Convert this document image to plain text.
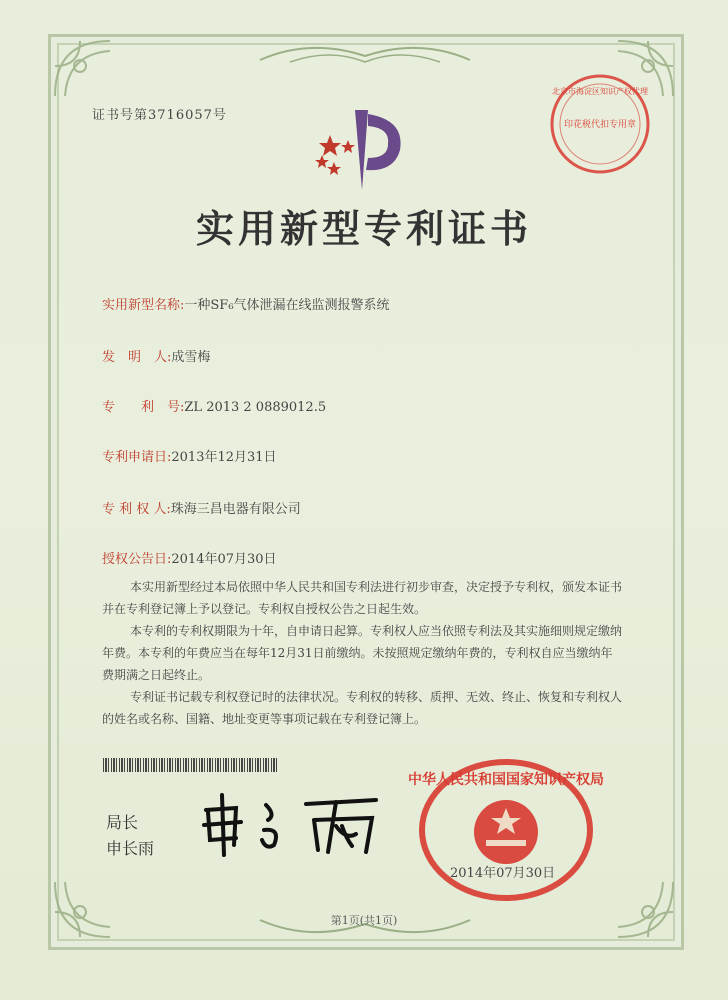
证书号第3716057号
北京市海淀区知识产权代理
印花税代扣专用章
实用新型专利证书
实用新型名称:一种SF₆气体泄漏在线监测报警系统
发　明　人:成雪梅
专　　利　号:ZL 2013 2 0889012.5
专利申请日:2013年12月31日
专 利 权 人:珠海三昌电器有限公司
授权公告日:2014年07月30日

本实用新型经过本局依照中华人民共和国专利法进行初步审查，决定授予专利权，颁发本证书并在专利登记簿上予以登记。专利权自授权公告之日起生效。

本专利的专利权期限为十年，自申请日起算。专利权人应当依照专利法及其实施细则规定缴纳年费。本专利的年费应当在每年12月31日前缴纳。未按照规定缴纳年费的，专利权自应当缴纳年费期满之日起终止。

专利证书记载专利权登记时的法律状况。专利权的转移、质押、无效、终止、恢复和专利权人的姓名或名称、国籍、地址变更等事项记载在专利登记簿上。

局长
申长雨
中华人民共和国国家知识产权局
2014年07月30日
第1页(共1页)
